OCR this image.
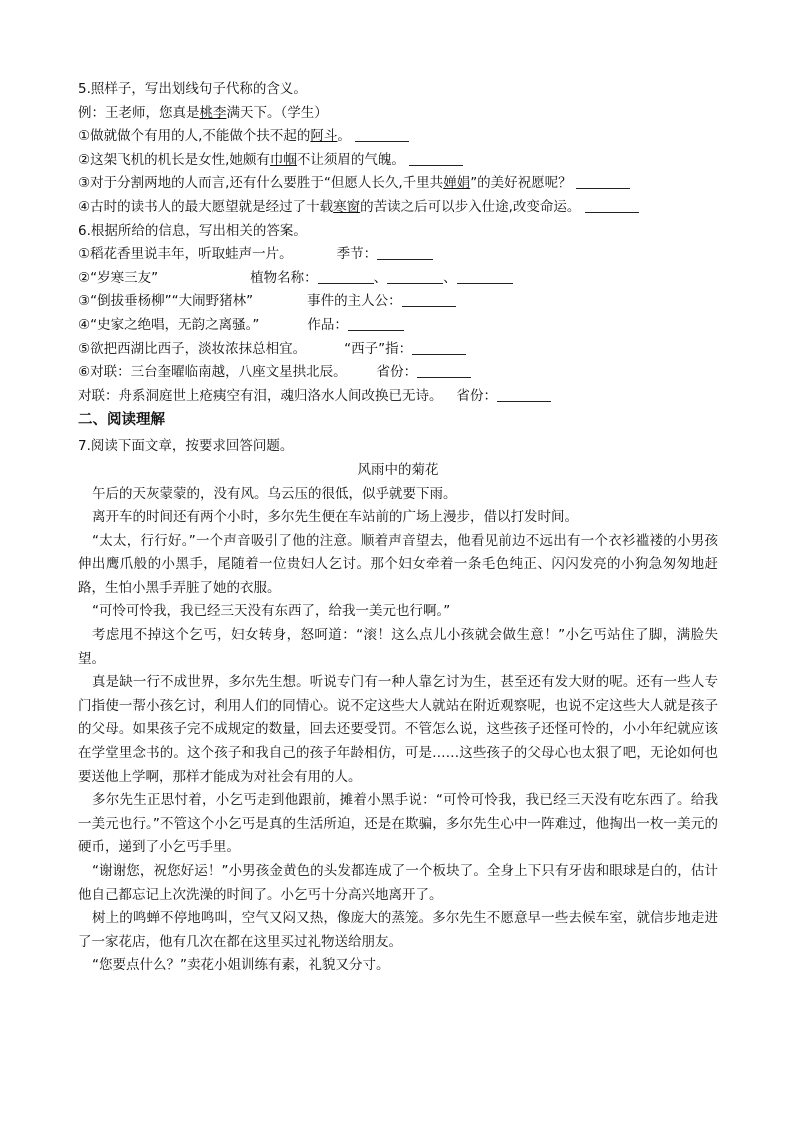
5.照样子，写出划线句子代称的含义。
例：王老师，您真是桃李满天下。（学生）
①做就做个有用的人,不能做个扶不起的阿斗。
②这架飞机的机长是女性,她颇有巾帼不让须眉的气魄。
③对于分割两地的人而言,还有什么要胜于“但愿人长久,千里共婵娟”的美好祝愿呢？
④古时的读书人的最大愿望就是经过了十载寒窗的苦读之后可以步入仕途,改变命运。
6.根据所给的信息，写出相关的答案。
①稻花香里说丰年，听取蛙声一片。	季节：
②“岁寒三友”	植物名称：	、	、
③“倒拔垂杨柳”“大闹野猪林”	事件的主人公：
④“史家之绝唱，无韵之离骚。”	作品：
⑤欲把西湖比西子，淡妆浓抹总相宜。	“西子”指：
⑥对联：三台奎曜临南越，八座文星拱北辰。 省份：
对联：舟系洞庭世上疮痍空有泪，魂归洛水人间改换已无诗。 省份：
二、阅读理解
7.阅读下面文章，按要求回答问题。
风雨中的菊花
午后的天灰蒙蒙的，没有风。乌云压的很低，似乎就要下雨。
离开车的时间还有两个小时，多尔先生便在车站前的广场上漫步，借以打发时间。
“太太，行行好。”一个声音吸引了他的注意。顺着声音望去，他看见前边不远出有一个衣衫褴褛的小男孩伸出鹰爪般的小黑手，尾随着一位贵妇人乞讨。那个妇女牵着一条毛色纯正、闪闪发亮的小狗急匆匆地赶路，生怕小黑手弄脏了她的衣服。
“可怜可怜我，我已经三天没有东西了，给我一美元也行啊。”
考虑甩不掉这个乞丐，妇女转身，怒呵道：“滚！这么点儿小孩就会做生意！”小乞丐站住了脚，满脸失望。
真是缺一行不成世界，多尔先生想。听说专门有一种人靠乞讨为生，甚至还有发大财的呢。还有一些人专门指使一帮小孩乞讨，利用人们的同情心。说不定这些大人就站在附近观察呢，也说不定这些大人就是孩子的父母。如果孩子完不成规定的数量，回去还要受罚。不管怎么说，这些孩子还怪可怜的，小小年纪就应该在学堂里念书的。这个孩子和我自己的孩子年龄相仿，可是……这些孩子的父母心也太狠了吧，无论如何也要送他上学啊，那样才能成为对社会有用的人。
多尔先生正思忖着，小乞丐走到他跟前，摊着小黑手说：“可怜可怜我，我已经三天没有吃东西了。给我一美元也行。”不管这个小乞丐是真的生活所迫，还是在欺骗，多尔先生心中一阵难过，他掏出一枚一美元的硬币，递到了小乞丐手里。
“谢谢您，祝您好运！”小男孩金黄色的头发都连成了一个板块了。全身上下只有牙齿和眼球是白的，估计他自己都忘记上次洗澡的时间了。小乞丐十分高兴地离开了。
树上的鸣蝉不停地鸣叫，空气又闷又热，像庞大的蒸笼。多尔先生不愿意早一些去候车室，就信步地走进了一家花店，他有几次在都在这里买过礼物送给朋友。
“您要点什么？”卖花小姐训练有素，礼貌又分寸。
